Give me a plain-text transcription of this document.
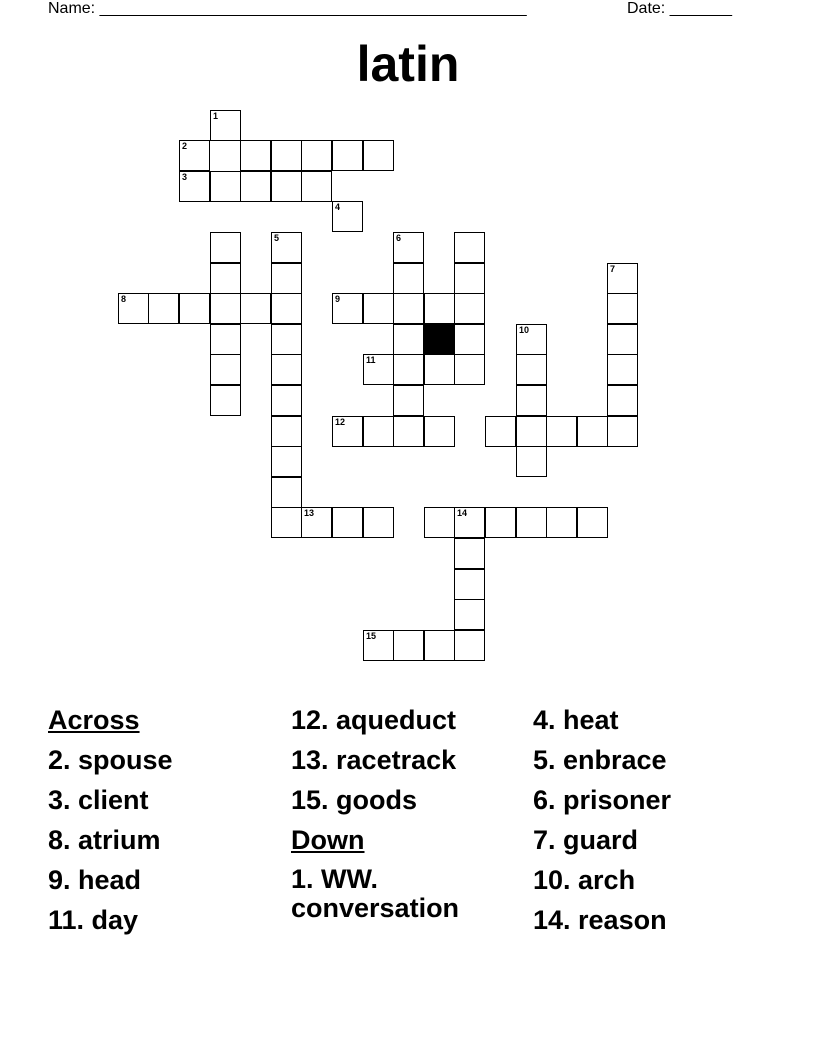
Name: ________________________________________________	Date: _______
latin
1
2
3
4
5	6
7
8	9
10
11
12
13	14
15
Across
2. spouse
3. client
8. atrium
9. head
11. day
12. aqueduct
13. racetrack
15. goods
Down
1. WW. conversation
4. heat
5. enbrace
6. prisoner
7. guard
10. arch
14. reason
